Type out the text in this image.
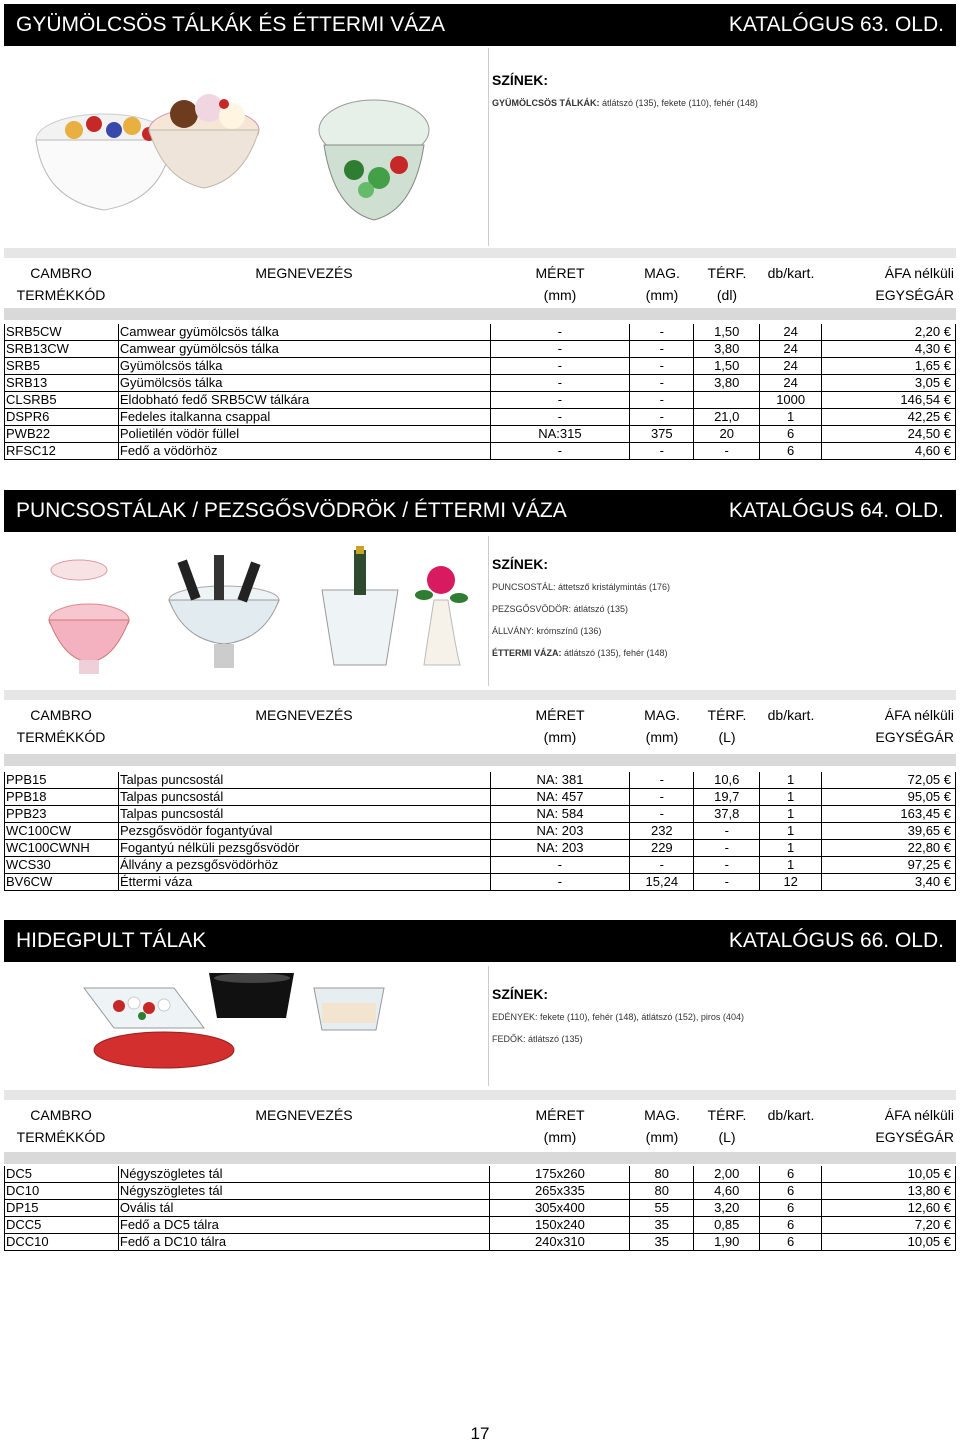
GYÜMÖLCSÖS TÁLKÁK ÉS ÉTTERMI VÁZA	KATALÓGUS 63. OLD.
SZÍNEK:
GYÜMÖLCSÖS TÁLKÁK: átlátszó (135), fekete (110), fehér (148)
CAMBRO	MEGNEVEZÉS	MÉRET	MAG.	TÉRF.	db/kart.	ÁFA nélküli
TERMÉKKÓD		(mm)	(mm)	(dl)		EGYSÉGÁR
SRB5CW	Camwear gyümölcsös tálka	-	-	1,50	24	2,20 €
SRB13CW	Camwear gyümölcsös tálka	-	-	3,80	24	4,30 €
SRB5	Gyümölcsös tálka	-	-	1,50	24	1,65 €
SRB13	Gyümölcsös tálka	-	-	3,80	24	3,05 €
CLSRB5	Eldobható fedő SRB5CW tálkára	-	-		1000	146,54 €
DSPR6	Fedeles italkanna csappal	-	-	21,0	1	42,25 €
PWB22	Polietilén vödör füllel	NA:315	375	20	6	24,50 €
RFSC12	Fedő a vödörhöz	-	-	-	6	4,60 €
PUNCSOSTÁLAK / PEZSGŐSVÖDRÖK / ÉTTERMI VÁZA	KATALÓGUS 64. OLD.
SZÍNEK:
PUNCSOSTÁL: áttetsző kristálymintás (176)
PEZSGŐSVÖDÖR: átlátszó (135)
ÁLLVÁNY: krómszínű (136)
ÉTTERMI VÁZA: átlátszó (135), fehér (148)
CAMBRO	MEGNEVEZÉS	MÉRET	MAG.	TÉRF.	db/kart.	ÁFA nélküli
TERMÉKKÓD		(mm)	(mm)	(L)		EGYSÉGÁR
PPB15	Talpas puncsostál	NA: 381	-	10,6	1	72,05 €
PPB18	Talpas puncsostál	NA: 457	-	19,7	1	95,05 €
PPB23	Talpas puncsostál	NA: 584	-	37,8	1	163,45 €
WC100CW	Pezsgősvödör fogantyúval	NA: 203	232	-	1	39,65 €
WC100CWNH	Fogantyú nélküli pezsgősvödör	NA: 203	229	-	1	22,80 €
WCS30	Állvány a pezsgősvödörhöz	-	-	-	1	97,25 €
BV6CW	Éttermi váza	-	15,24	-	12	3,40 €
HIDEGPULT TÁLAK	KATALÓGUS 66. OLD.
SZÍNEK:
EDÉNYEK: fekete (110), fehér (148), átlátszó (152), piros (404)
FEDŐK: átlátszó (135)
CAMBRO	MEGNEVEZÉS	MÉRET	MAG.	TÉRF.	db/kart.	ÁFA nélküli
TERMÉKKÓD		(mm)	(mm)	(L)		EGYSÉGÁR
DC5	Négyszögletes tál	175x260	80	2,00	6	10,05 €
DC10	Négyszögletes tál	265x335	80	4,60	6	13,80 €
DP15	Ovális tál	305x400	55	3,20	6	12,60 €
DCC5	Fedő a DC5 tálra	150x240	35	0,85	6	7,20 €
DCC10	Fedő a DC10 tálra	240x310	35	1,90	6	10,05 €
17
